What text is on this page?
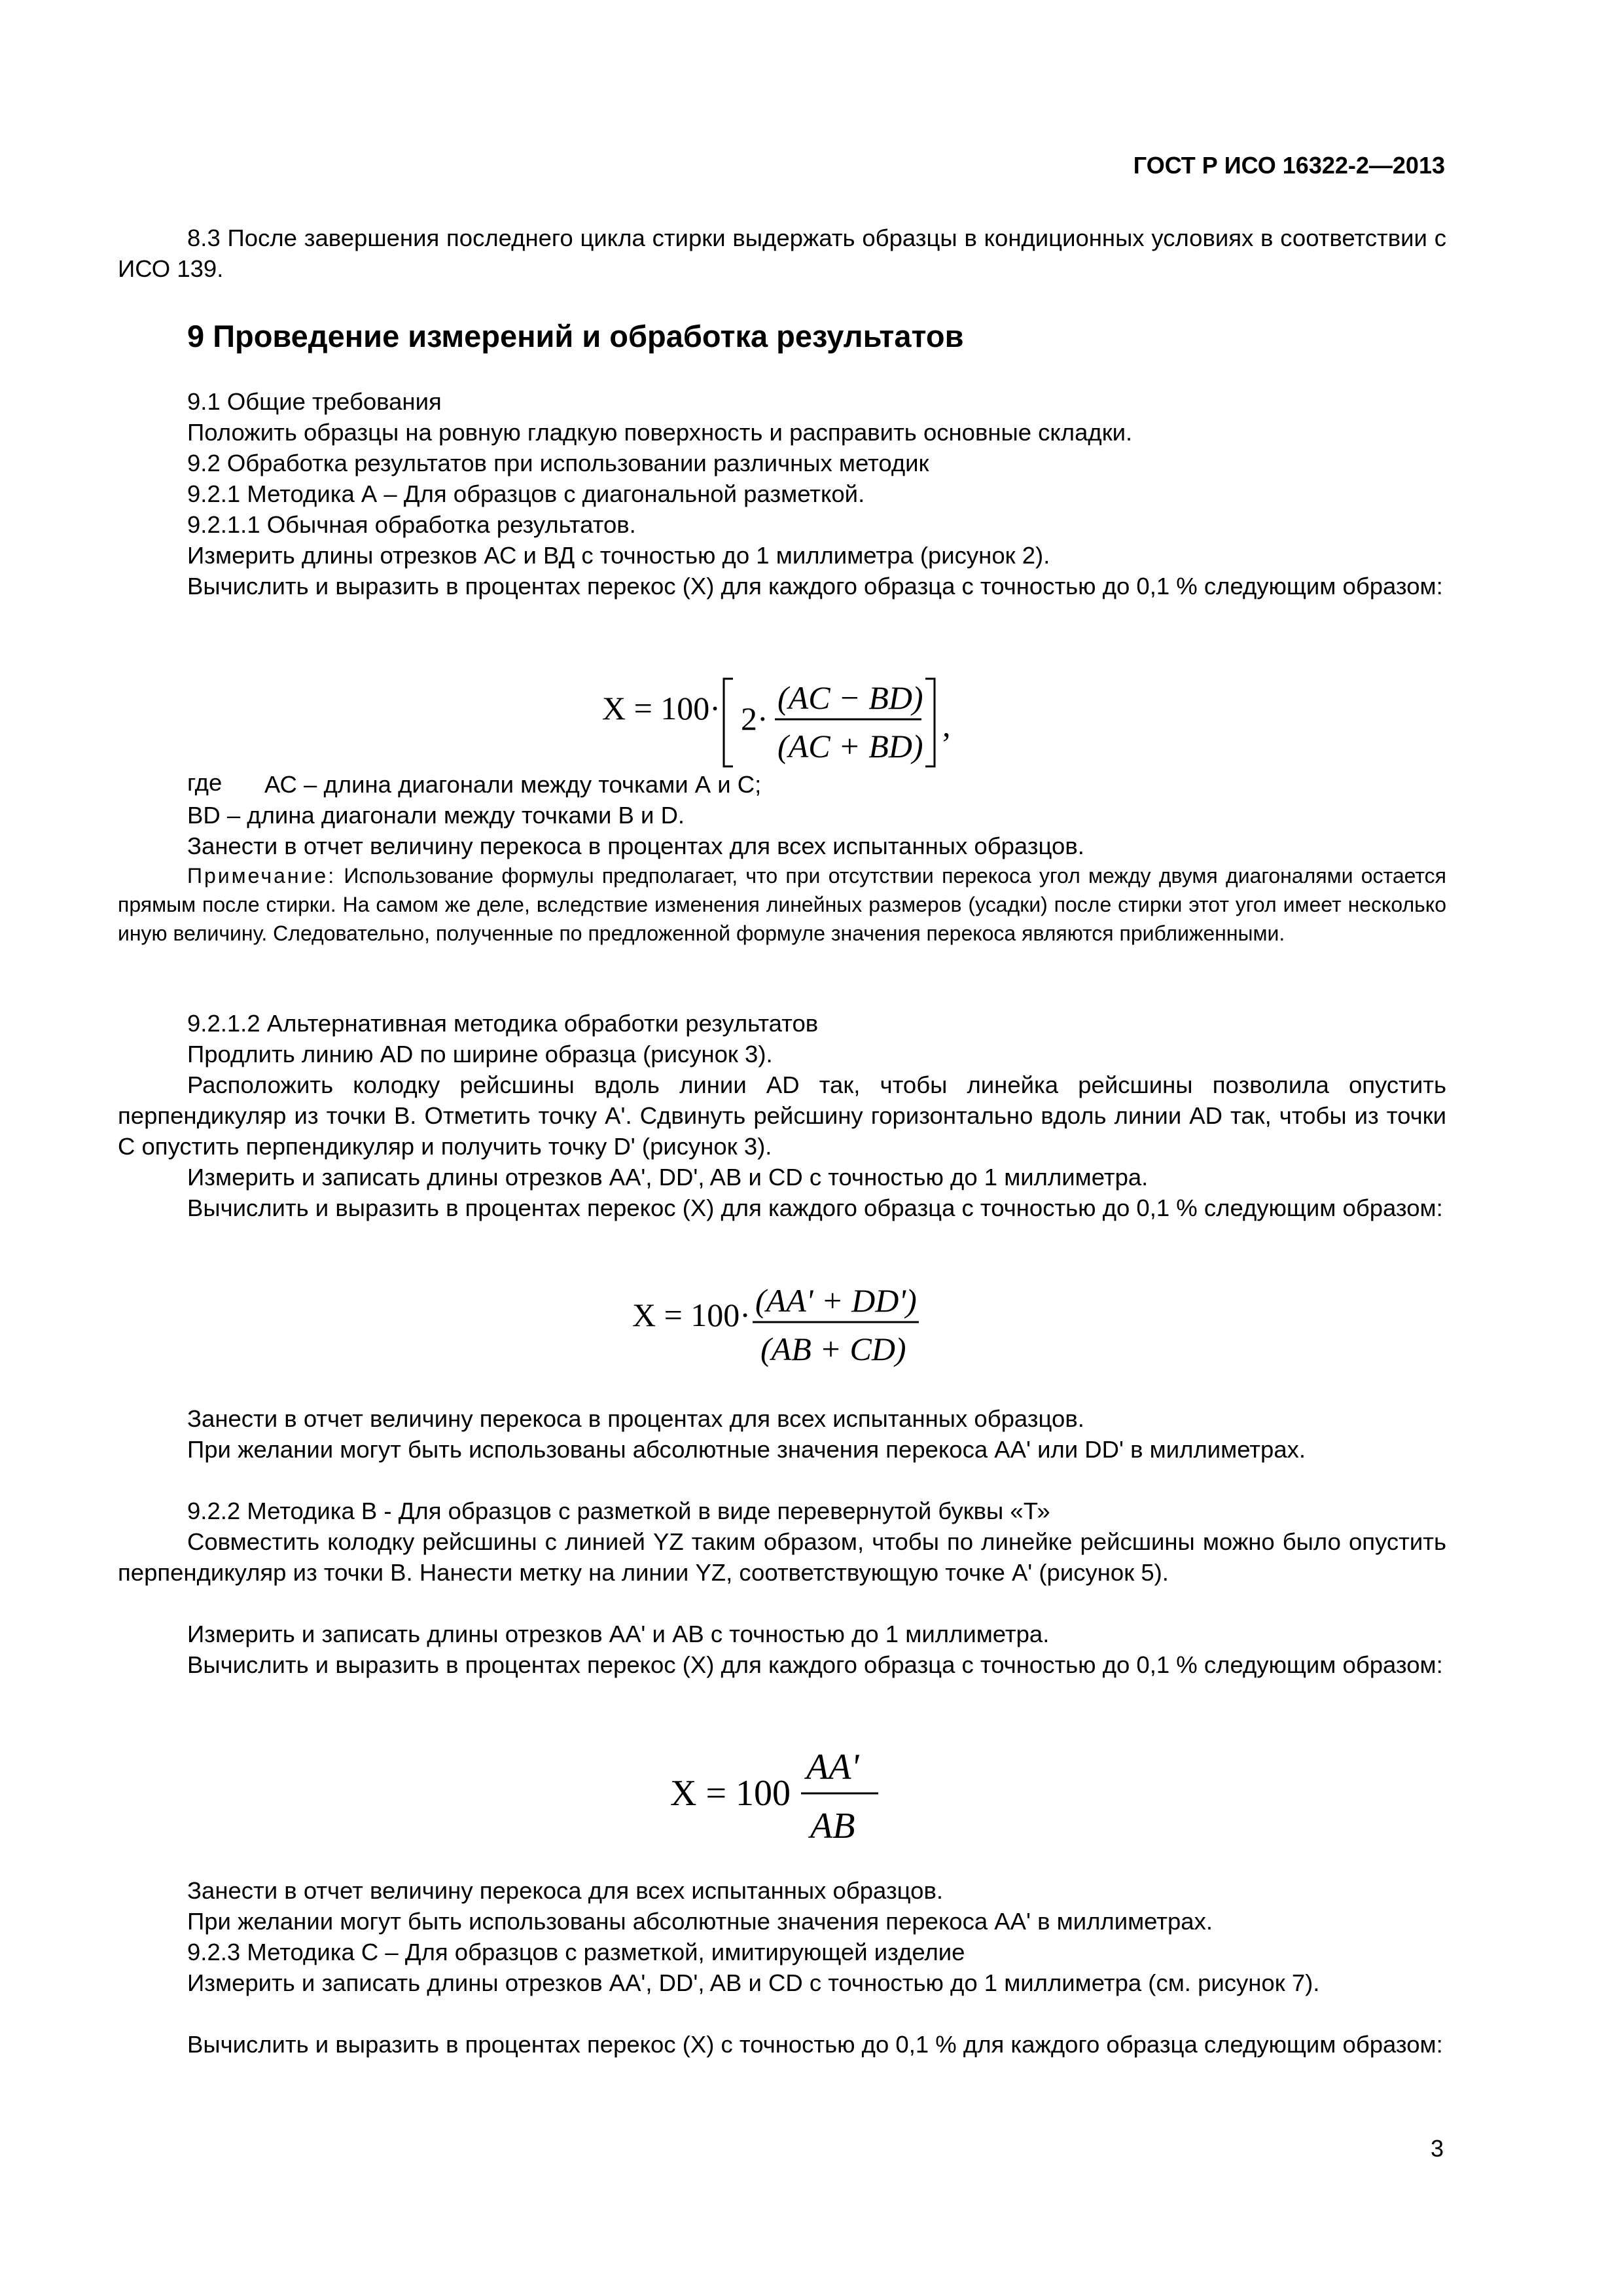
ГОСТ Р ИСО 16322-2—2013
8.3 После завершения последнего цикла стирки выдержать образцы в кондиционных условиях в соответствии с ИСО 139.
9 Проведение измерений и обработка результатов
9.1 Общие требования
Положить образцы на ровную гладкую поверхность и расправить основные складки.
9.2 Обработка результатов при использовании различных методик
9.2.1 Методика А – Для образцов с диагональной разметкой.
9.2.1.1 Обычная обработка результатов.
Измерить длины отрезков АС и ВД с точностью до 1 миллиметра (рисунок 2).
Вычислить и выразить в процентах перекос (X) для каждого образца с точностью до 0,1 % следующим образом:
X = 100· 2·
(AC − BD)
(AC + BD)
,
где АС – длина диагонали между точками А и С;
BD – длина диагонали между точками В и D.
Занести в отчет величину перекоса в процентах для всех испытанных образцов.
Примечание: Использование формулы предполагает, что при отсутствии перекоса угол между двумя диагоналями остается прямым после стирки. На самом же деле, вследствие изменения линейных размеров (усадки) после стирки этот угол имеет несколько иную величину. Следовательно, полученные по предложенной формуле значения перекоса являются приближенными.
9.2.1.2 Альтернативная методика обработки результатов
Продлить линию AD по ширине образца (рисунок 3).
Расположить колодку рейсшины вдоль линии AD так, чтобы линейка рейсшины позволила опустить перпендикуляр из точки В. Отметить точку А'. Сдвинуть рейсшину горизонтально вдоль линии AD так, чтобы из точки С опустить перпендикуляр и получить точку D' (рисунок 3).
Измерить и записать длины отрезков АА', DD', AB и CD с точностью до 1 миллиметра.
Вычислить и выразить в процентах перекос (X) для каждого образца с точностью до 0,1 % следующим образом:
X = 100· (AA' + DD')
(AB + CD)
Занести в отчет величину перекоса в процентах для всех испытанных образцов.
При желании могут быть использованы абсолютные значения перекоса AA' или DD' в миллиметрах.
9.2.2 Методика В - Для образцов с разметкой в виде перевернутой буквы «Т»
Совместить колодку рейсшины с линией YZ таким образом, чтобы по линейке рейсшины можно было опустить перпендикуляр из точки В. Нанести метку на линии YZ, соответствующую точке А' (рисунок 5).
Измерить и записать длины отрезков АА' и АВ с точностью до 1 миллиметра.
Вычислить и выразить в процентах перекос (X) для каждого образца с точностью до 0,1 % следующим образом:
X = 100
AA'
AB
Занести в отчет величину перекоса для всех испытанных образцов.
При желании могут быть использованы абсолютные значения перекоса АА' в миллиметрах.
9.2.3 Методика С – Для образцов с разметкой, имитирующей изделие
Измерить и записать длины отрезков АА', DD', AB и CD с точностью до 1 миллиметра (см. рисунок 7).
Вычислить и выразить в процентах перекос (X) с точностью до 0,1 % для каждого образца следующим образом:
3
